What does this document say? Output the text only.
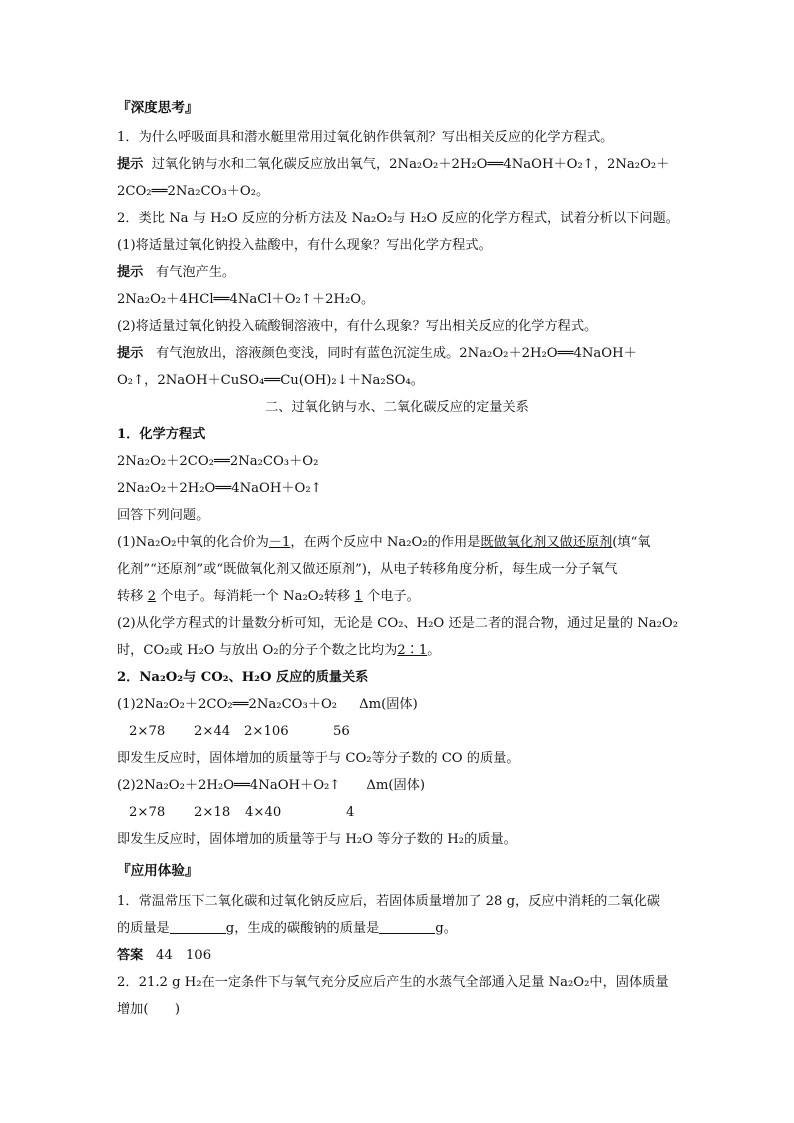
『深度思考』
1．为什么呼吸面具和潜水艇里常用过氧化钠作供氧剂？写出相关反应的化学方程式。
提示 过氧化钠与水和二氧化碳反应放出氧气，2Na₂O₂＋2H₂O══4NaOH＋O₂↑，2Na₂O₂＋
2CO₂══2Na₂CO₃＋O₂。
2．类比 Na 与 H₂O 反应的分析方法及 Na₂O₂与 H₂O 反应的化学方程式，试着分析以下问题。
(1)将适量过氧化钠投入盐酸中，有什么现象？写出化学方程式。
提示 有气泡产生。
2Na₂O₂＋4HCl══4NaCl＋O₂↑＋2H₂O。
(2)将适量过氧化钠投入硫酸铜溶液中，有什么现象？写出相关反应的化学方程式。
提示 有气泡放出，溶液颜色变浅，同时有蓝色沉淀生成。2Na₂O₂＋2H₂O══4NaOH＋
O₂↑，2NaOH＋CuSO₄══Cu(OH)₂↓＋Na₂SO₄。
二、过氧化钠与水、二氧化碳反应的定量关系
1．化学方程式
2Na₂O₂＋2CO₂══2Na₂CO₃＋O₂
2Na₂O₂＋2H₂O══4NaOH＋O₂↑
回答下列问题。
(1)Na₂O₂中氧的化合价为－1，在两个反应中 Na₂O₂的作用是既做氧化剂又做还原剂(填“氧
化剂”“还原剂”或“既做氧化剂又做还原剂”)，从电子转移角度分析，每生成一分子氧气
转移 2 个电子。每消耗一个 Na₂O₂转移 1 个电子。
(2)从化学方程式的计量数分析可知，无论是 CO₂、H₂O 还是二者的混合物，通过足量的 Na₂O₂
时，CO₂或 H₂O 与放出 O₂的分子个数之比均为2∶1。
2．Na₂O₂与 CO₂、H₂O 反应的质量关系
(1)2Na₂O₂＋2CO₂══2Na₂CO₃＋O₂ Δm(固体)
2×78 2×44 2×106	56
即发生反应时，固体增加的质量等于与 CO₂等分子数的 CO 的质量。
(2)2Na₂O₂＋2H₂O══4NaOH＋O₂↑ Δm(固体)
2×78 2×18 4×40	4
即发生反应时，固体增加的质量等于与 H₂O 等分子数的 H₂的质量。
『应用体验』
1．常温常压下二氧化碳和过氧化钠反应后，若固体质量增加了 28 g，反应中消耗的二氧化碳
的质量是	g，生成的碳酸钠的质量是	g。
答案 44　106
2．21.2 g H₂在一定条件下与氧气充分反应后产生的水蒸气全部通入足量 Na₂O₂中，固体质量
增加(　　)
